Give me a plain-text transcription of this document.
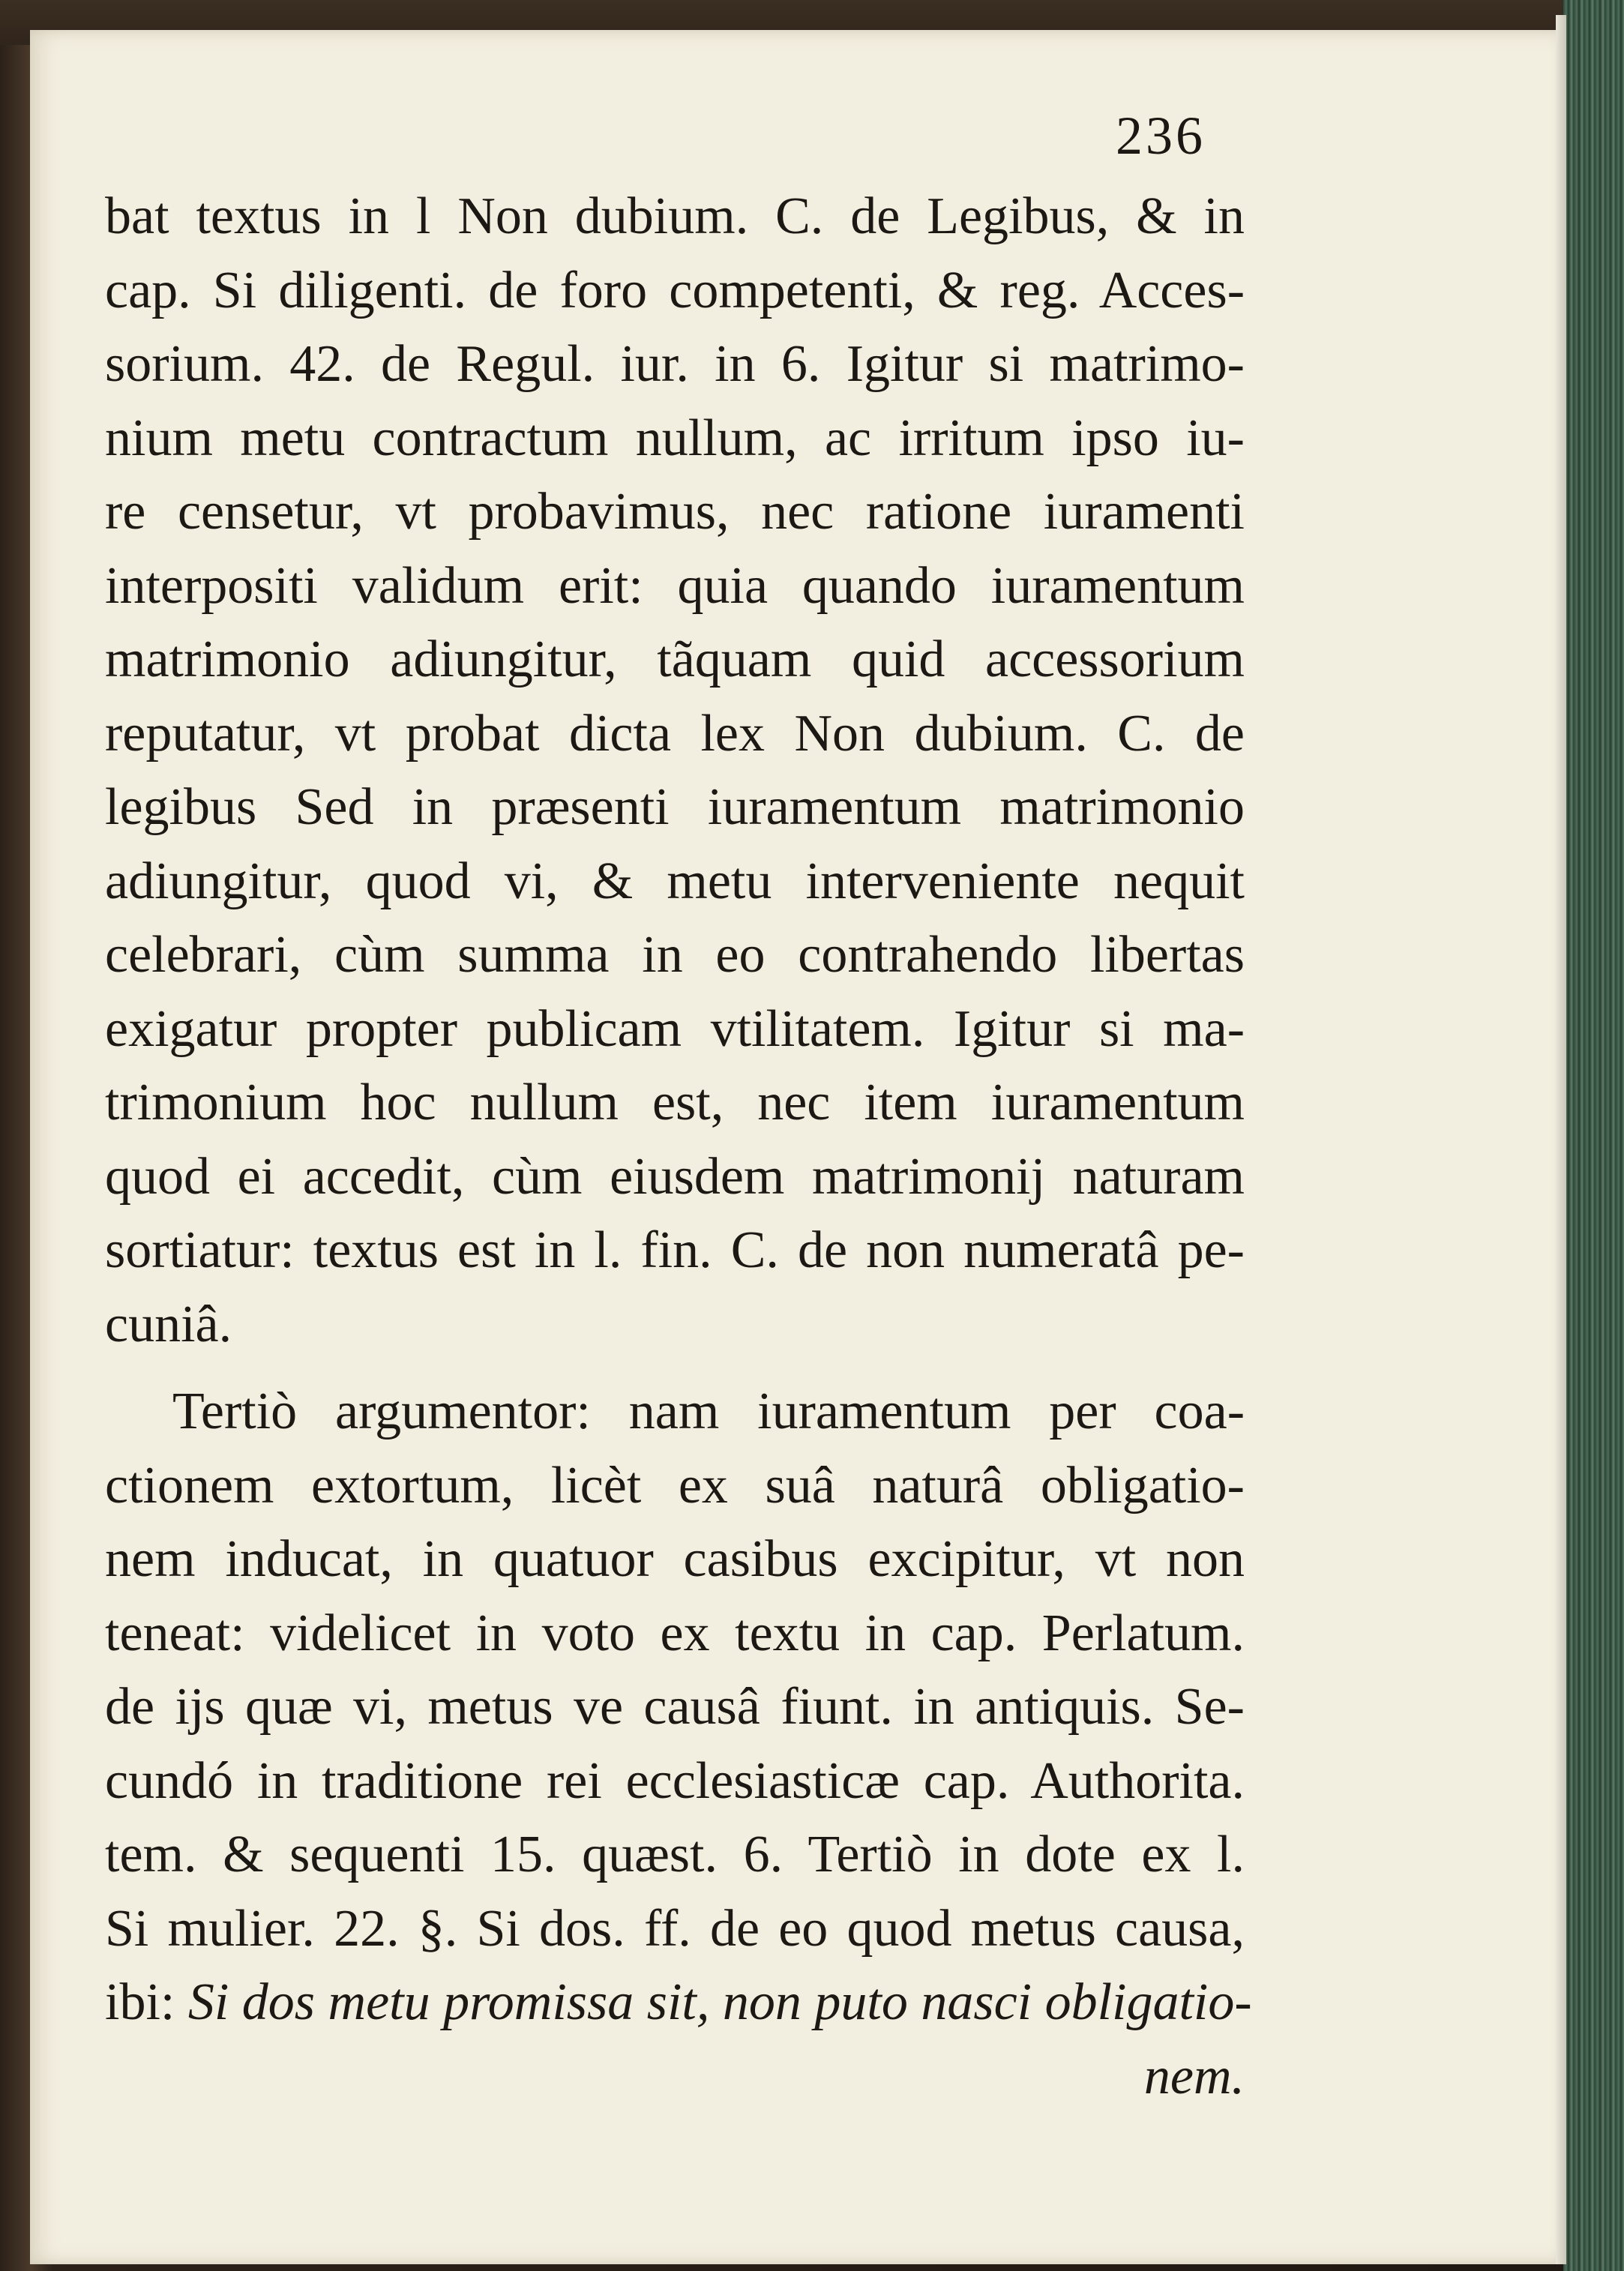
236
bat textus in l Non dubium. C. de Legibus, & in
cap. Si diligenti. de foro competenti, & reg. Acces-
sorium. 42. de Regul. iur. in 6. Igitur si matrimo-
nium metu contractum nullum, ac irritum ipso iu-
re censetur, vt probavimus, nec ratione iuramenti
interpositi validum erit: quia quando iuramentum
matrimonio adiungitur, tãquam quid accessorium
reputatur, vt probat dicta lex Non dubium. C. de
legibus Sed in præsenti iuramentum matrimonio
adiungitur, quod vi, & metu interveniente nequit
celebrari, cùm summa in eo contrahendo libertas
exigatur propter publicam vtilitatem. Igitur si ma-
trimonium hoc nullum est, nec item iuramentum
quod ei accedit, cùm eiusdem matrimonij naturam
sortiatur: textus est in l. fin. C. de non numeratâ pe-
cuniâ.
Tertiò argumentor: nam iuramentum per coa-
ctionem extortum, licèt ex suâ naturâ obligatio-
nem inducat, in quatuor casibus excipitur, vt non
teneat: videlicet in voto ex textu in cap. Perlatum.
de ijs quæ vi, metus ve causâ fiunt. in antiquis. Se-
cundó in traditione rei ecclesiasticæ cap. Authorita.
tem. & sequenti 15. quæst. 6. Tertiò in dote ex l.
Si mulier. 22. §. Si dos. ff. de eo quod metus causa,
ibi: Si dos metu promissa sit, non puto nasci obligatio-
nem.
